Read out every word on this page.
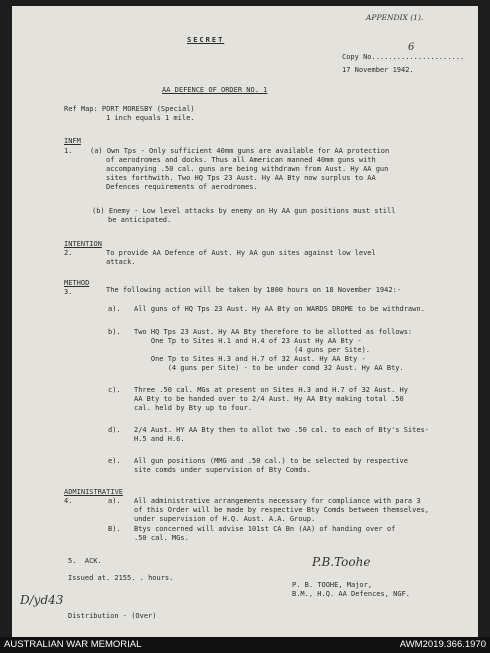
APPENDIX (1).
SECRET
Copy No......................
6
17 November 1942.
AA DEFENCE OF ORDER NO. 1
Ref Map: PORT MORESBY (Special)
1 inch equals 1 mile.
INFM
1.	(a) Own Tps - Only sufficient 40mm guns are available for AA protection
of aerodromes and docks. Thus all American manned 40mm guns with
accompanying .50 cal. guns are being withdrawn from Aust. Hy AA gun
sites forthwith. Two HQ Tps 23 Aust. Hy AA Bty now surplus to AA
Defences requirements of aerodromes.
(b) Enemy - Low level attacks by enemy on Hy AA gun positions must still
be anticipated.
INTENTION
2.	To provide AA Defence of Aust. Hy AA gun sites against low level
attack.
METHOD
3.	The following action will be taken by 1800 hours on 18 November 1942:-
a). All guns of HQ Tps 23 Aust. Hy AA Bty on WARDS DROME to be withdrawn.
b). Two HQ Tps 23 Aust. Hy AA Bty therefore to be allotted as follows:
One Tp to Sites H.1 and H.4 of 23 Aust Hy AA Bty -
(4 guns per Site).
One Tp to Sites H.3 and H.7 of 32 Aust. Hy AA Bty -
(4 guns per Site) - to be under comd 32 Aust. Hy AA Bty.
c). Three .50 cal. MGs at present on Sites H.3 and H.7 of 32 Aust. Hy
AA Bty to be handed over to 2/4 Aust. Hy AA Bty making total .50
cal. held by Bty up to four.
d). 2/4 Aust. HY AA Bty then to allot two .50 cal. to each of Bty's Sites-
H.5 and H.6.
e). All gun positions (MMG and .50 cal.) to be selected by respective
site comds under supervision of Bty Comds.
ADMINISTRATIVE
4.	a). All administrative arrangements necessary for compliance with para 3
of this Order will be made by respective Bty Comds between themselves,
under supervision of H.Q. Aust. A.A. Group.
B). Btys concerned will advise 101st CA Bn (AA) of handing over of
.50 cal. MGs.
5.  ACK.
Issued at. 2155. . hours.
P.B.Toohe
P. B. TOOHE, Major,
B.M., H.Q. AA Defences, NGF.
D/yd43
Distribution - (Over)
AUSTRALIAN WAR MEMORIAL	AWM2019.366.1970
